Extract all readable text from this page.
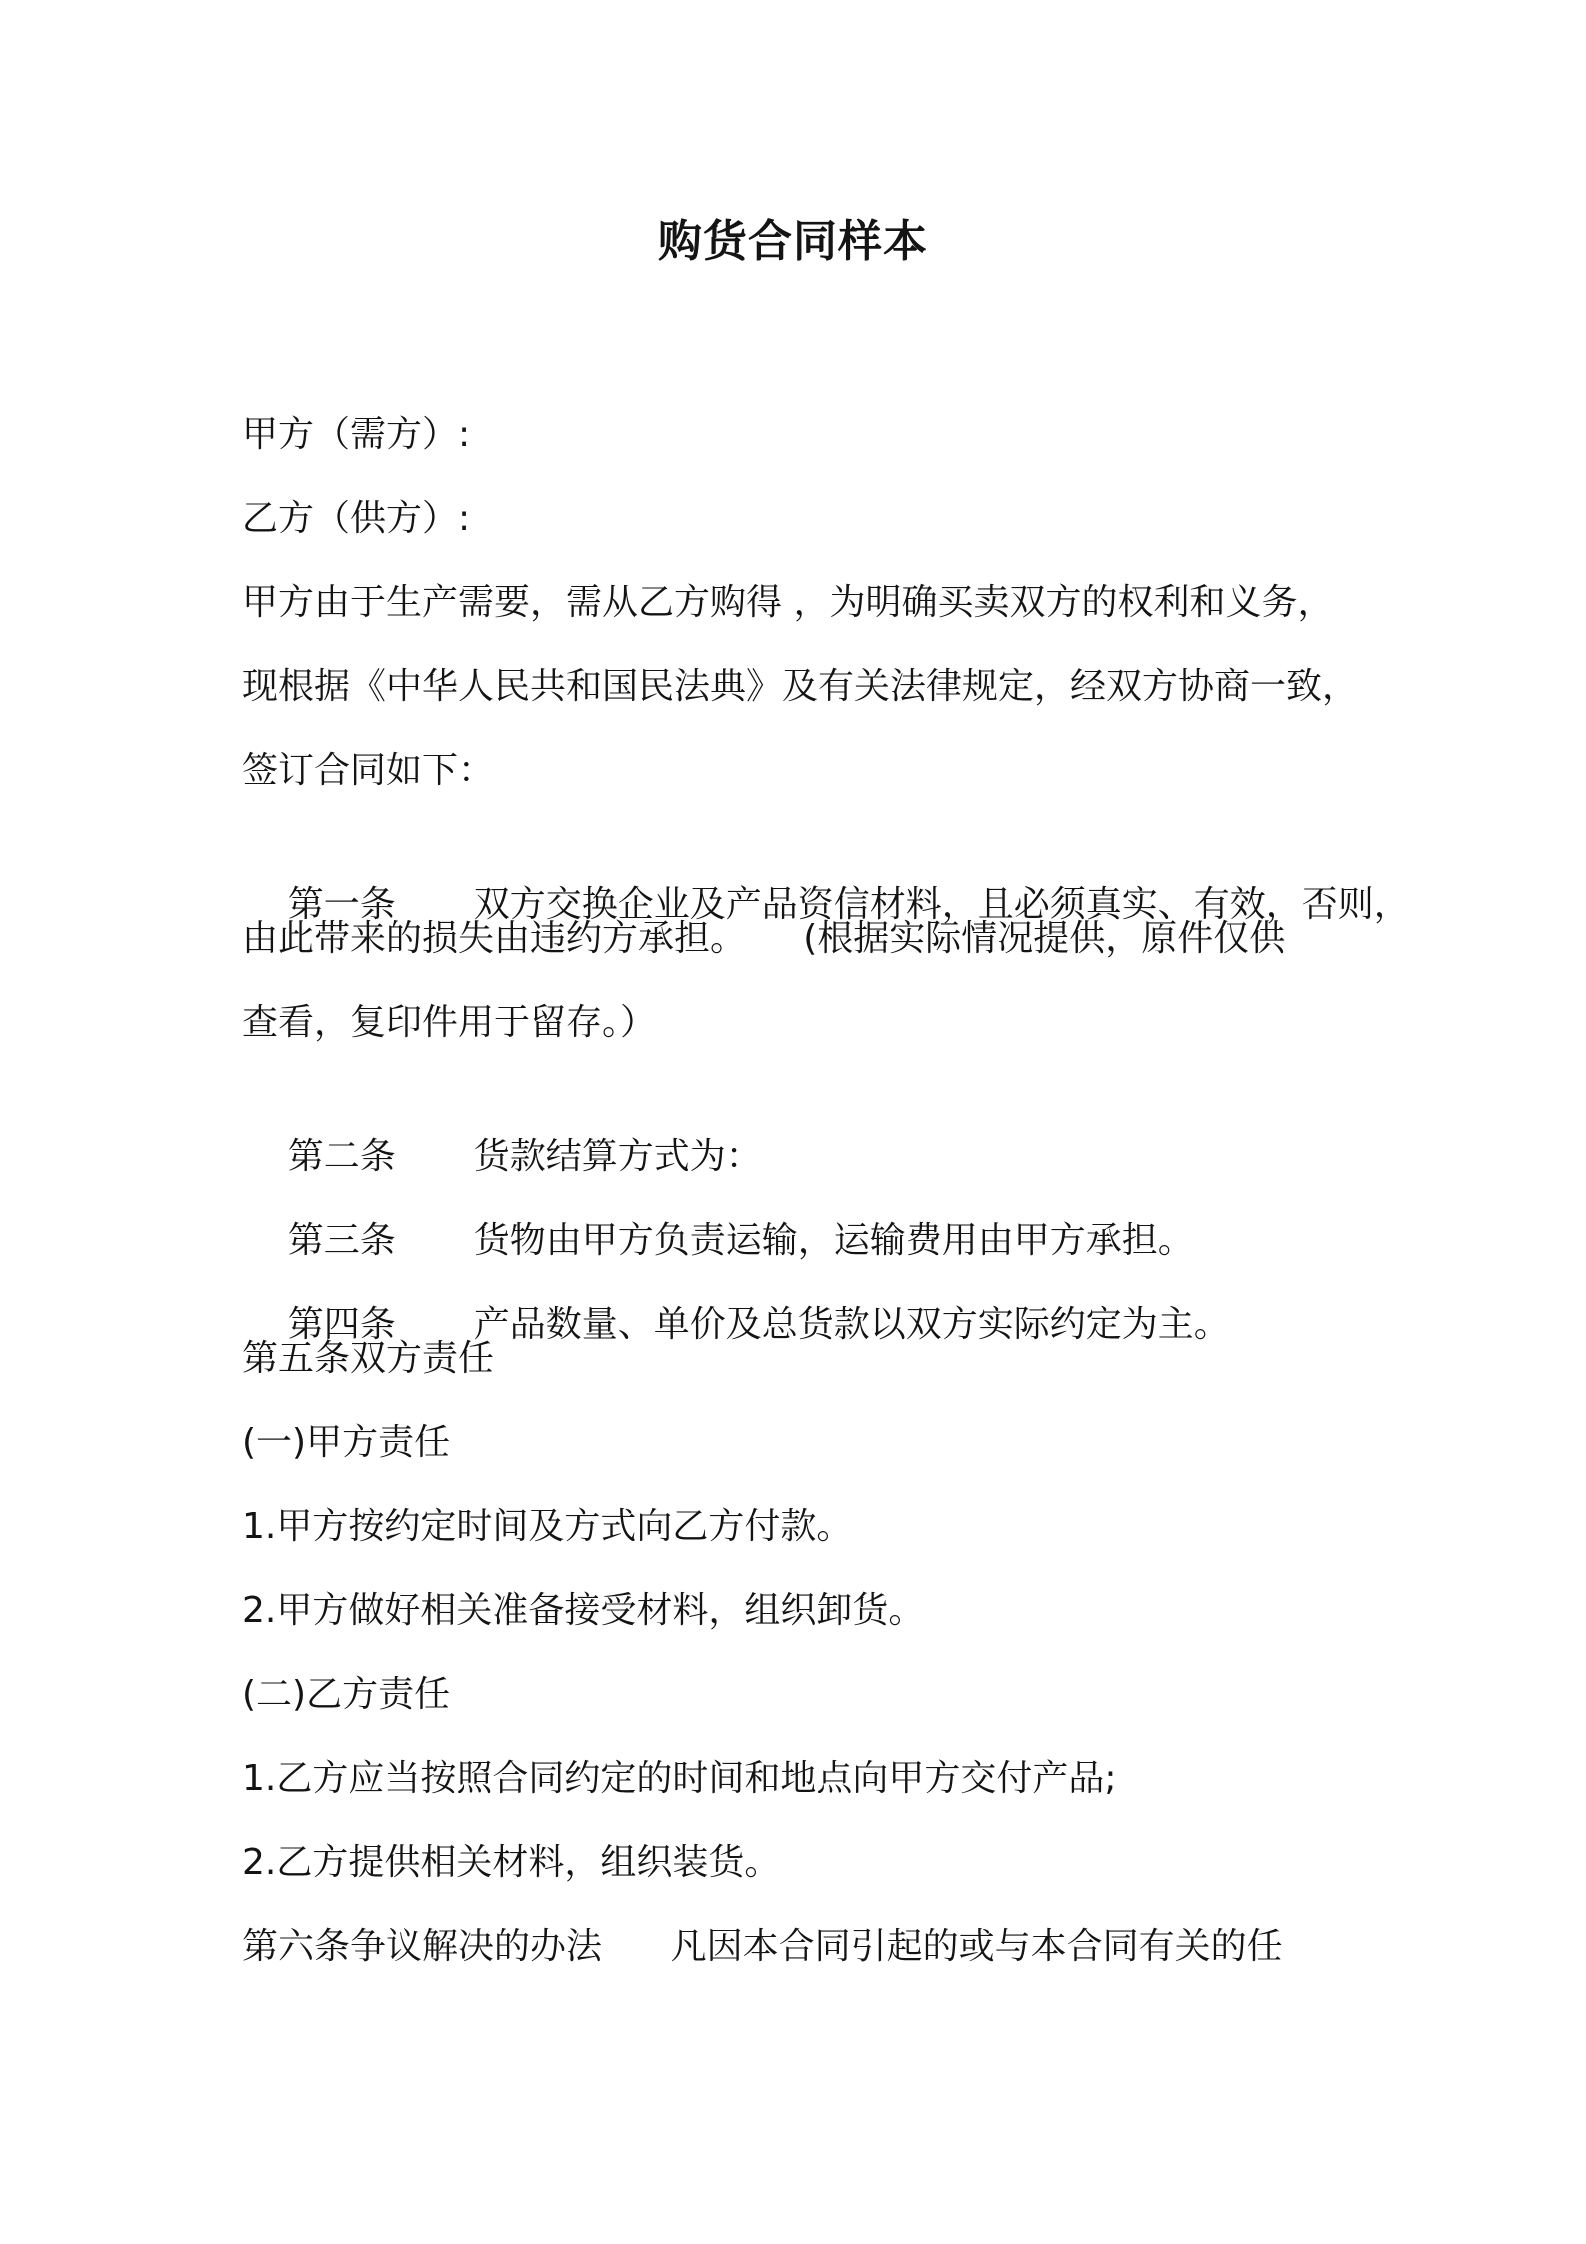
购货合同样本
甲方（需方）:
乙方（供方）:
甲方由于生产需要，需从乙方购得 ，为明确买卖双方的权利和义务，
现根据《中华人民共和国民法典》及有关法律规定，经双方协商一致，
签订合同如下：

第一条 双方交换企业及产品资信材料，且必须真实、有效，否则，

由此带来的损失由违约方承担。     (根据实际情况提供，原件仅供
查看，复印件用于留存。）

第二条 货款结算方式为：

第三条 货物由甲方负责运输，运输费用由甲方承担。

第四条 产品数量、单价及总货款以双方实际约定为主。

第五条双方责任
(一)甲方责任
1.甲方按约定时间及方式向乙方付款。
2.甲方做好相关准备接受材料，组织卸货。
(二)乙方责任
1.乙方应当按照合同约定的时间和地点向甲方交付产品;
2.乙方提供相关材料，组织装货。
第六条争议解决的办法      凡因本合同引起的或与本合同有关的任
